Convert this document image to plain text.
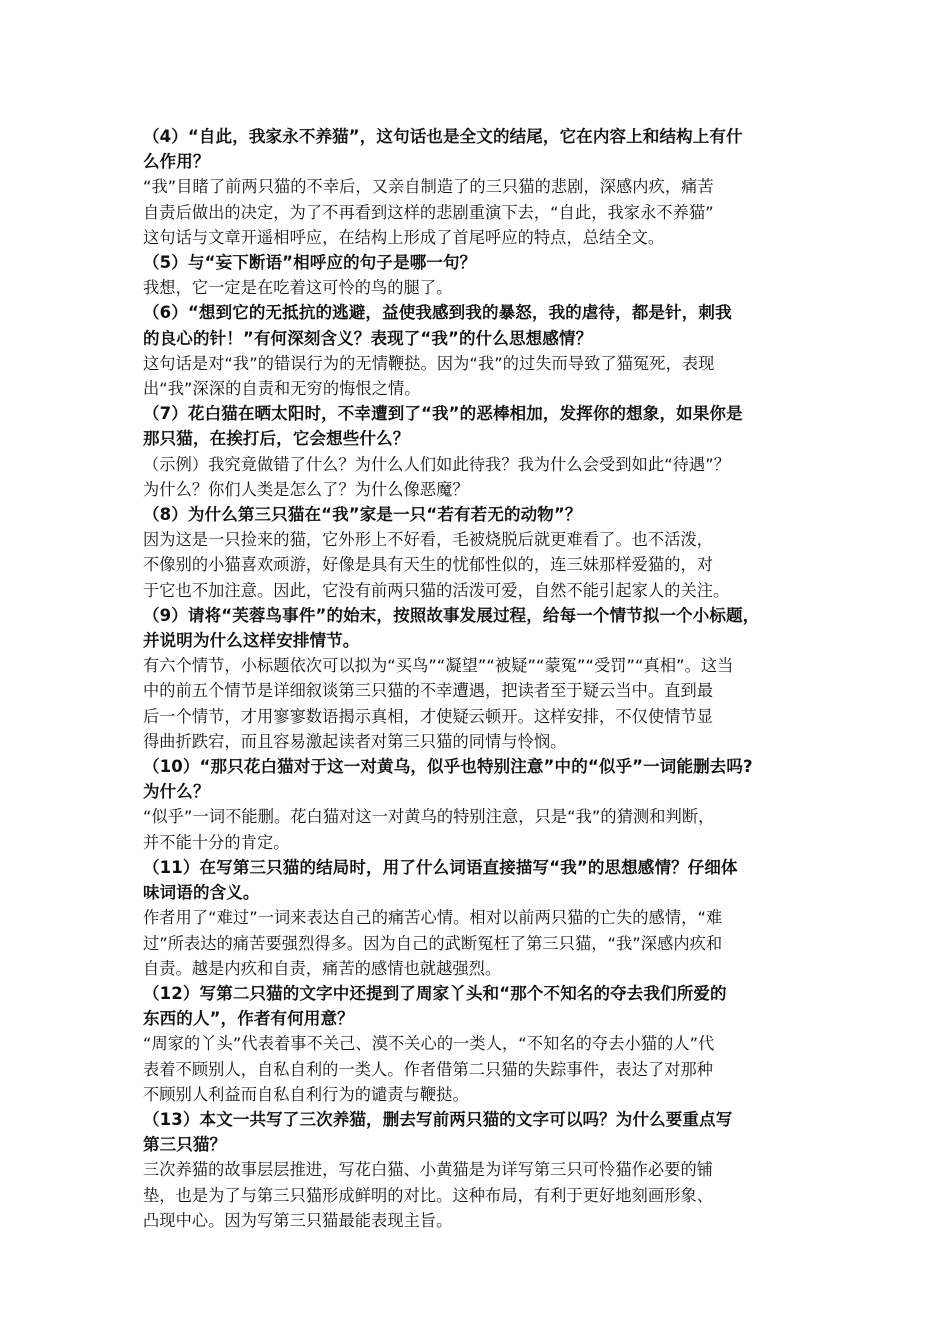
（4）“自此，我家永不养猫”，这句话也是全文的结尾，它在内容上和结构上有什
么作用？
“我”目睹了前两只猫的不幸后，又亲自制造了的三只猫的悲剧，深感内疚，痛苦
自责后做出的决定，为了不再看到这样的悲剧重演下去，“自此，我家永不养猫”
这句话与文章开遥相呼应，在结构上形成了首尾呼应的特点，总结全文。
（5）与“妄下断语”相呼应的句子是哪一句？
我想，它一定是在吃着这可怜的鸟的腿了。
（6）“想到它的无抵抗的逃避，益使我感到我的暴怒，我的虐待，都是针，刺我
的良心的针！”有何深刻含义？表现了“我”的什么思想感情？
这句话是对“我”的错误行为的无情鞭挞。因为“我”的过失而导致了猫冤死，表现
出“我”深深的自责和无穷的悔恨之情。
（7）花白猫在晒太阳时，不幸遭到了“我”的恶棒相加，发挥你的想象，如果你是
那只猫，在挨打后，它会想些什么？
（示例）我究竟做错了什么？为什么人们如此待我？我为什么会受到如此“待遇”？
为什么？你们人类是怎么了？为什么像恶魔？
（8）为什么第三只猫在“我”家是一只“若有若无的动物”？
因为这是一只捡来的猫，它外形上不好看，毛被烧脱后就更难看了。也不活泼，
不像别的小猫喜欢顽游，好像是具有天生的忧郁性似的，连三妹那样爱猫的，对
于它也不加注意。因此，它没有前两只猫的活泼可爱，自然不能引起家人的关注。
（9）请将“芙蓉鸟事件”的始末，按照故事发展过程，给每一个情节拟一个小标题，
并说明为什么这样安排情节。
有六个情节，小标题依次可以拟为“买鸟”“凝望”“被疑”“蒙冤”“受罚”“真相”。这当
中的前五个情节是详细叙谈第三只猫的不幸遭遇，把读者至于疑云当中。直到最
后一个情节，才用寥寥数语揭示真相，才使疑云顿开。这样安排，不仅使情节显
得曲折跌宕，而且容易激起读者对第三只猫的同情与怜悯。
（10）“那只花白猫对于这一对黄乌，似乎也特别注意”中的“似乎”一词能删去吗?
为什么？
“似乎”一词不能删。花白猫对这一对黄乌的特别注意，只是“我”的猜测和判断，
并不能十分的肯定。
（11）在写第三只猫的结局时，用了什么词语直接描写“我”的思想感情？仔细体
味词语的含义。
作者用了“难过”一词来表达自己的痛苦心情。相对以前两只猫的亡失的感情，“难
过”所表达的痛苦要强烈得多。因为自己的武断冤枉了第三只猫，“我”深感内疚和
自责。越是内疚和自责，痛苦的感情也就越强烈。
（12）写第二只猫的文字中还提到了周家丫头和“那个不知名的夺去我们所爱的
东西的人”，作者有何用意？
“周家的丫头”代表着事不关己、漠不关心的一类人，“不知名的夺去小猫的人”代
表着不顾别人，自私自利的一类人。作者借第二只猫的失踪事件，表达了对那种
不顾别人利益而自私自利行为的谴责与鞭挞。
（13）本文一共写了三次养猫，删去写前两只猫的文字可以吗？为什么要重点写
第三只猫？
三次养猫的故事层层推进，写花白猫、小黄猫是为详写第三只可怜猫作必要的铺
垫，也是为了与第三只猫形成鲜明的对比。这种布局，有利于更好地刻画形象、
凸现中心。因为写第三只猫最能表现主旨。
